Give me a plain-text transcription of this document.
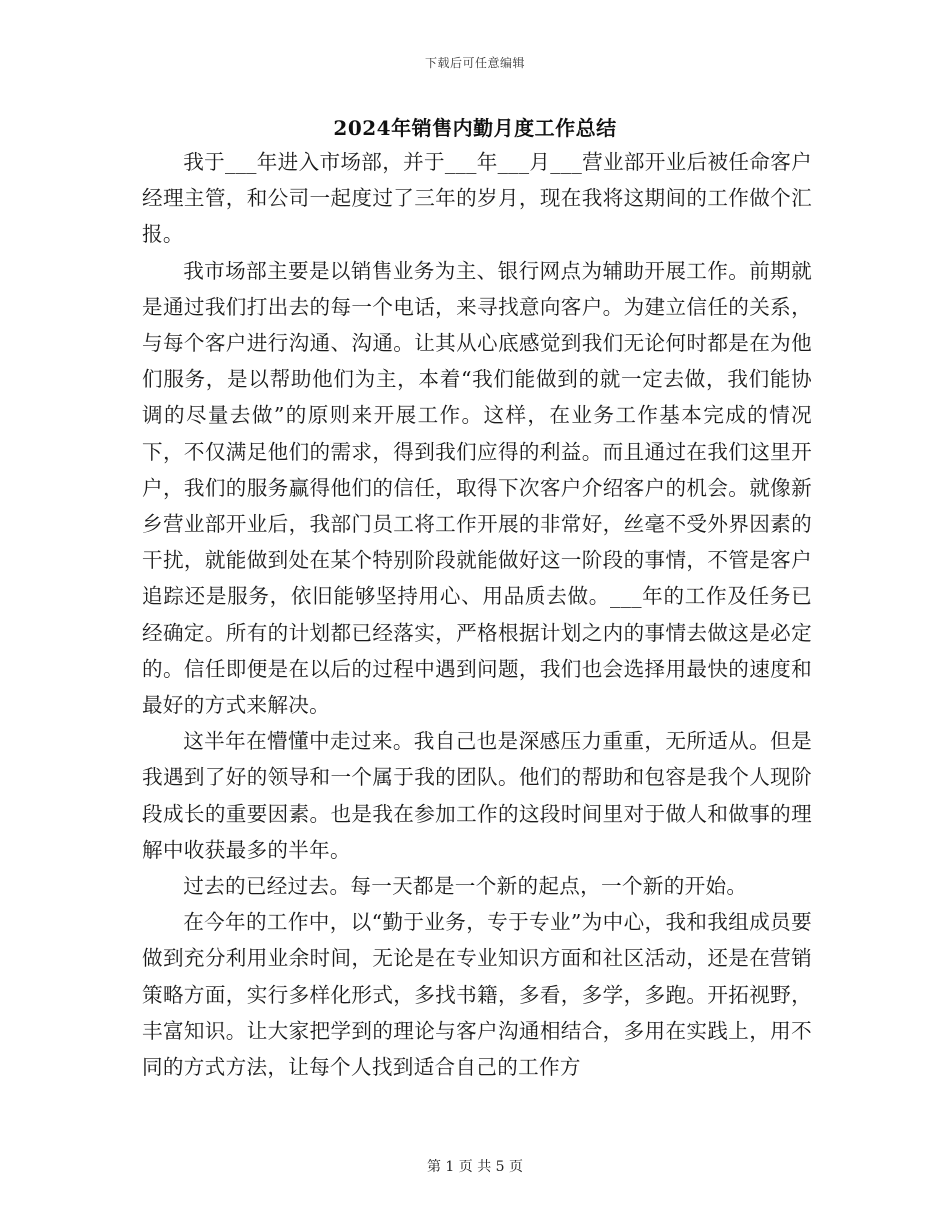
下载后可任意编辑
2024年销售内勤月度工作总结

我于___年进入市场部，并于___年___月___营业部开业后被任命客户经理主管，和公司一起度过了三年的岁月，现在我将这期间的工作做个汇报。

我市场部主要是以销售业务为主、银行网点为辅助开展工作。前期就是通过我们打出去的每一个电话，来寻找意向客户。为建立信任的关系，与每个客户进行沟通、沟通。让其从心底感觉到我们无论何时都是在为他们服务，是以帮助他们为主，本着“我们能做到的就一定去做，我们能协调的尽量去做”的原则来开展工作。这样，在业务工作基本完成的情况下，不仅满足他们的需求，得到我们应得的利益。而且通过在我们这里开户，我们的服务赢得他们的信任，取得下次客户介绍客户的机会。就像新乡营业部开业后，我部门员工将工作开展的非常好，丝毫不受外界因素的干扰，就能做到处在某个特别阶段就能做好这一阶段的事情，不管是客户追踪还是服务，依旧能够坚持用心、用品质去做。___年的工作及任务已经确定。所有的计划都已经落实，严格根据计划之内的事情去做这是必定的。信任即便是在以后的过程中遇到问题，我们也会选择用最快的速度和最好的方式来解决。

这半年在懵懂中走过来。我自己也是深感压力重重，无所适从。但是我遇到了好的领导和一个属于我的团队。他们的帮助和包容是我个人现阶段成长的重要因素。也是我在参加工作的这段时间里对于做人和做事的理解中收获最多的半年。

过去的已经过去。每一天都是一个新的起点，一个新的开始。

在今年的工作中，以“勤于业务，专于专业”为中心，我和我组成员要做到充分利用业余时间，无论是在专业知识方面和社区活动，还是在营销策略方面，实行多样化形式，多找书籍，多看，多学，多跑。开拓视野，丰富知识。让大家把学到的理论与客户沟通相结合，多用在实践上，用不同的方式方法，让每个人找到适合自己的工作方

第 1 页 共 5 页
